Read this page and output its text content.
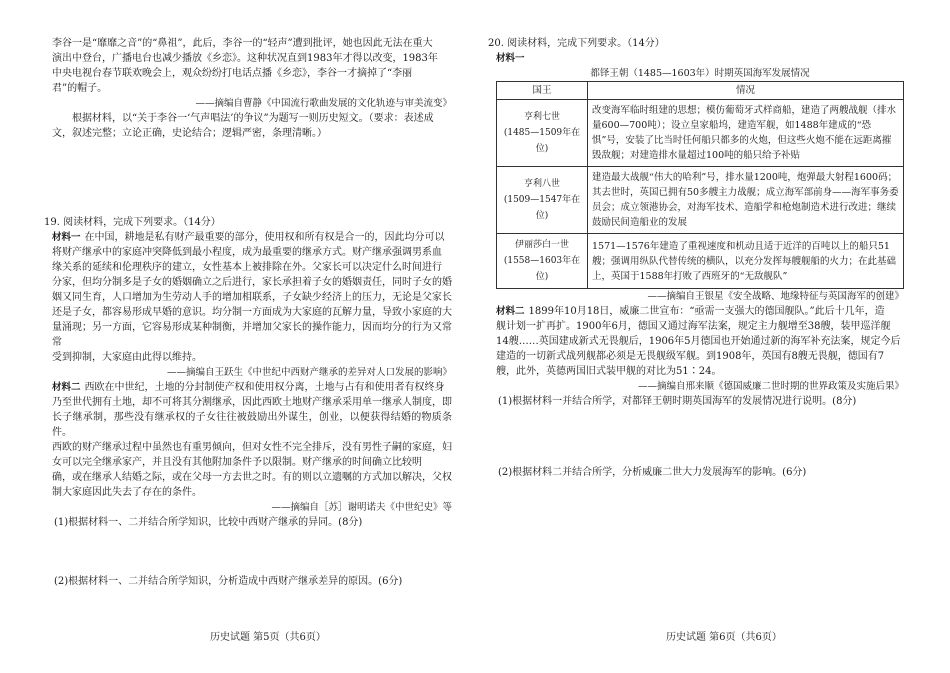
李谷一是“靡靡之音”的“鼻祖”，此后，李谷一的“轻声”遭到批评，她也因此无法在重大

演出中登台，广播电台也减少播放《乡恋》。这种状况直到1983年才得以改变，1983年

中央电视台春节联欢晚会上，观众纷纷打电话点播《乡恋》，李谷一才摘掉了“李丽

君”的帽子。

——摘编自曹静《中国流行歌曲发展的文化轨迹与审美流变》

根据材料，以“关于李谷一‘气声唱法’的争议”为题写一则历史短文。（要求：表述成

文，叙述完整；立论正确，史论结合；逻辑严密，条理清晰。）

19. 阅读材料，完成下列要求。（14分）

材料一 在中国，耕地是私有财产最重要的部分，使用权和所有权是合一的，因此均分可以

将财产继承中的家庭冲突降低到最小程度，成为最重要的继承方式。财产继承强调男系血

缘关系的延续和伦理秩序的建立，女性基本上被排除在外。父家长可以决定什么时间进行

分家，但均分制多是子女的婚姻确立之后进行，家长承担着子女的婚姻责任，同时子女的婚

姻又同生育，人口增加为生劳动人手的增加相联系，子女缺少经济上的压力，无论是父家长

还是子女，都容易形成早婚的意识。均分制一方面成为大家庭的瓦解力量，导致小家庭的大

量涌现；另一方面，它容易形成某种制衡，并增加父家长的操作能力，因而均分的行为又常常

受到抑制，大家庭由此得以维持。

——摘编自王跃生《中世纪中西财产继承的差异对人口发展的影响》

材料二 西欧在中世纪，土地的分封制使产权和使用权分离，土地与占有和使用者有权终身

乃至世代拥有土地，却不可将其分割继承，因此西欧土地财产继承采用单一继承人制度，即

长子继承制，那些没有继承权的子女往往被鼓励出外谋生，创业，以便获得结婚的物质条件。

西欧的财产继承过程中虽然也有重男倾向，但对女性不完全排斥，没有男性子嗣的家庭，妇

女可以完全继承家产，并且没有其他附加条件予以限制。财产继承的时间确立比较明

确，或在继承人结婚之际，或在父母一方去世之时。有的则以立遗嘱的方式加以解决，父权

制大家庭因此失去了存在的条件。

——摘编自［苏］谢明诺夫《中世纪史》等

(1)根据材料一、二并结合所学知识，比较中西财产继承的异同。(8分)

(2)根据材料一、二并结合所学知识，分析造成中西财产继承差异的原因。(6分)

历史试题 第5页（共6页）

20. 阅读材料，完成下列要求。（14分）

材料一

都铎王朝（1485—1603年）时期英国海军发展情况

国王	情况

亨利七世
(1485—1509年在位)	改变海军临时组建的思想；模仿葡萄牙式样商船，建造了两艘战舰（排水量600—700吨）；设立皇家船坞，建造军舰，如1488年建成的“恐惧”号，安装了比当时任何船只都多的火炮，但这些火炮不能在远距离摧毁敌舰；对建造排水量超过100吨的船只给予补贴

亨利八世
(1509—1547年在位)	建造最大战舰“伟大的哈利”号，排水量1200吨，炮弹最大射程1600码；其去世时，英国已拥有50多艘主力战舰；成立海军部前身——海军事务委员会；成立领港协会，对海军技术、造船学和枪炮制造术进行改进；继续鼓励民间造船业的发展

伊丽莎白一世
(1558—1603年在位)	1571—1576年建造了重视速度和机动且适于近洋的百吨以上的船只51艘；强调用纵队代替传统的横队，以充分发挥每艘舰船的火力；在此基础上，英国于1588年打败了西班牙的“无敌舰队”

——摘编自王银星《安全战略、地缘特征与英国海军的创建》

材料二 1899年10月18日，威廉二世宣布：“亟需一支强大的德国舰队。”此后十几年，造

舰计划一扩再扩。1900年6月，德国又通过海军法案，规定主力舰增至38艘，装甲巡洋舰

14艘……英国建成新式无畏舰后，1906年5月德国也开始通过新的海军补充法案，规定今后

建造的一切新式战列舰都必须是无畏舰级军舰。到1908年，英国有8艘无畏舰，德国有7

艘，此外，英德两国旧式装甲舰的对比为51∶24。

——摘编自邢来顺《德国威廉二世时期的世界政策及实施后果》

(1)根据材料一并结合所学，对都铎王朝时期英国海军的发展情况进行说明。(8分)

(2)根据材料二并结合所学，分析威廉二世大力发展海军的影响。(6分)

历史试题 第6页（共6页）
